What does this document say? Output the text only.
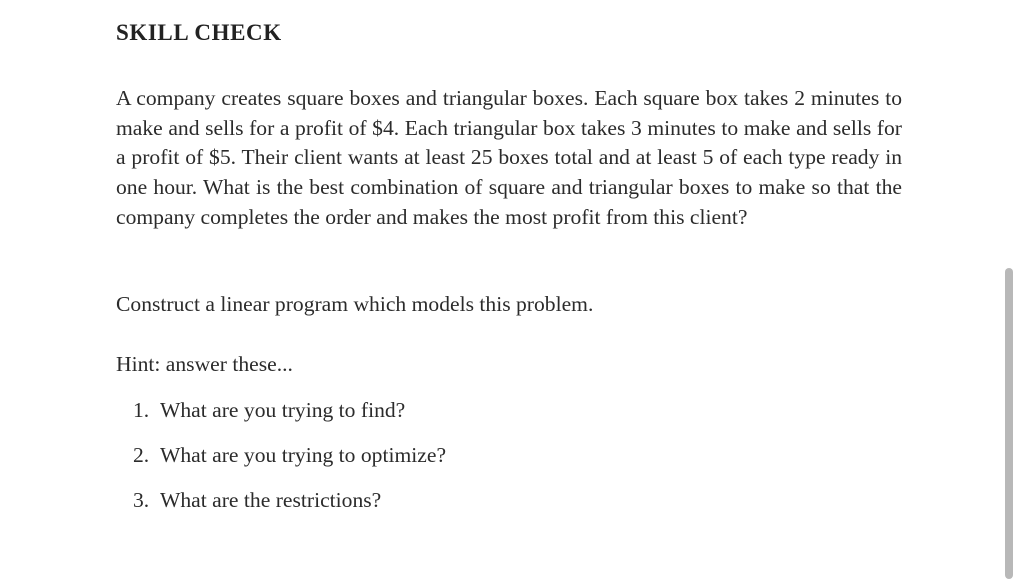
SKILL CHECK
A company creates square boxes and triangular boxes. Each square box takes 2 minutes to make and sells for a profit of $4. Each triangular box takes 3 minutes to make and sells for a profit of $5. Their client wants at least 25 boxes total and at least 5 of each type ready in one hour. What is the best combination of square and triangular boxes to make so that the company completes the order and makes the most profit from this client?
Construct a linear program which models this problem.
Hint: answer these...
1. What are you trying to find?
2. What are you trying to optimize?
3. What are the restrictions?
